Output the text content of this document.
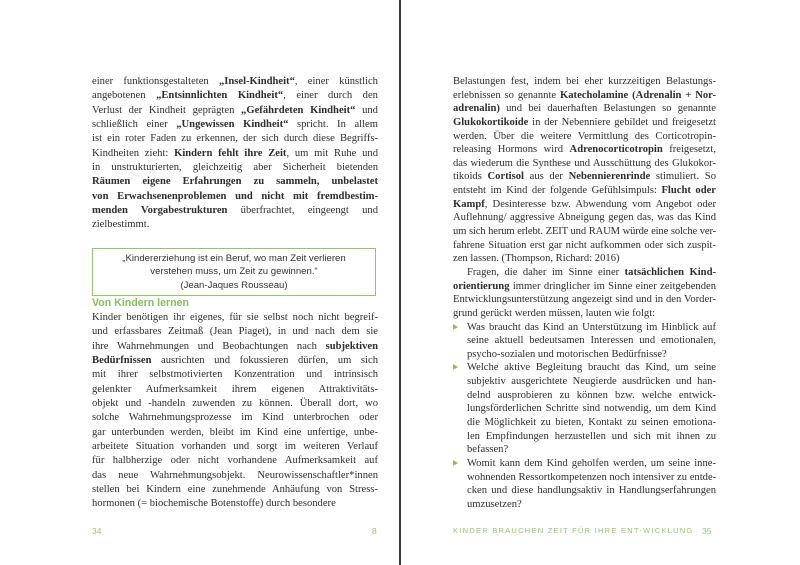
einer funktionsgestalteten „Insel-Kindheit“, einer künstlich
angebotenen „Entsinnlichten Kindheit“, einer durch den
Verlust der Kindheit geprägten „Gefährdeten Kindheit“ und
schließlich einer „Ungewissen Kindheit“ spricht. In allem
ist ein roter Faden zu erkennen, der sich durch diese Begriffs-
Kindheiten zieht: Kindern fehlt ihre Zeit, um mit Ruhe und
in unstrukturierten, gleichzeitig aber Sicherheit bietenden
Räumen eigene Erfahrungen zu sammeln, unbelastet
von Erwachsenenproblemen und nicht mit fremdbestim-
menden Vorgabestrukturen überfrachtet, eingeengt und
zielbestimmt.
„Kindererziehung ist ein Beruf, wo man Zeit verlieren
verstehen muss, um Zeit zu gewinnen.“
(Jean-Jaques Rousseau)
Von Kindern lernen
Kinder benötigen ihr eigenes, für sie selbst noch nicht begreif-
und erfassbares Zeitmaß (Jean Piaget), in und nach dem sie
ihre Wahrnehmungen und Beobachtungen nach subjektiven
Bedürfnissen ausrichten und fokussieren dürfen, um sich
mit ihrer selbstmotivierten Konzentration und intrinsisch
gelenkter Aufmerksamkeit ihrem eigenen Attraktivitäts-
objekt und -handeln zuwenden zu können. Überall dort, wo
solche Wahrnehmungsprozesse im Kind unterbrochen oder
gar unterbunden werden, bleibt im Kind eine unfertige, unbe-
arbeitete Situation vorhanden und sorgt im weiteren Verlauf
für halbherzige oder nicht vorhandene Aufmerksamkeit auf
das neue Wahrnehmungsobjekt. Neurowissenschaftler*innen
stellen bei Kindern eine zunehmende Anhäufung von Stress-
hormonen (= biochemische Botenstoffe) durch besondere
34	8
Belastungen fest, indem bei eher kurzzeitigen Belastungs-
erlebnissen so genannte Katecholamine (Adrenalin + Nor-
adrenalin) und bei dauerhaften Belastungen so genannte
Glukokortikoide in der Nebenniere gebildet und freigesetzt
werden. Über die weitere Vermittlung des Corticotropin-
releasing Hormons wird Adrenocorticotropin freigesetzt,
das wiederum die Synthese und Ausschüttung des Glukokor-
tikoids Cortisol aus der Nebennierenrinde stimuliert. So
entsteht im Kind der folgende Gefühlsimpuls: Flucht oder
Kampf, Desinteresse bzw. Abwendung vom Angebot oder
Auflehnung/ aggressive Abneigung gegen das, was das Kind
um sich herum erlebt. ZEIT und RAUM würde eine solche ver-
fahrene Situation erst gar nicht aufkommen oder sich zuspit-
zen lassen. (Thompson, Richard: 2016)
Fragen, die daher im Sinne einer tatsächlichen Kind-
orientierung immer dringlicher im Sinne einer zeitgebenden
Entwicklungsunterstützung angezeigt sind und in den Vorder-
grund gerückt werden müssen, lauten wie folgt:
Was braucht das Kind an Unterstützung im Hinblick auf
seine aktuell bedeutsamen Interessen und emotionalen,
psycho-sozialen und motorischen Bedürfnisse?
Welche aktive Begleitung braucht das Kind, um seine
subjektiv ausgerichtete Neugierde ausdrücken und han-
delnd ausprobieren zu können bzw. welche entwick-
lungsförderlichen Schritte sind notwendig, um dem Kind
die Möglichkeit zu bieten, Kontakt zu seinen emotiona-
len Empfindungen herzustellen und sich mit ihnen zu
befassen?
Womit kann dem Kind geholfen werden, um seine inne-
wohnenden Ressortkompetenzen noch intensiver zu entde-
cken und diese handlungsaktiv in Handlungserfahrungen
umzusetzen?
KINDER BRAUCHEN ZEIT FÜR IHRE ENT-WICKLUNG 35
